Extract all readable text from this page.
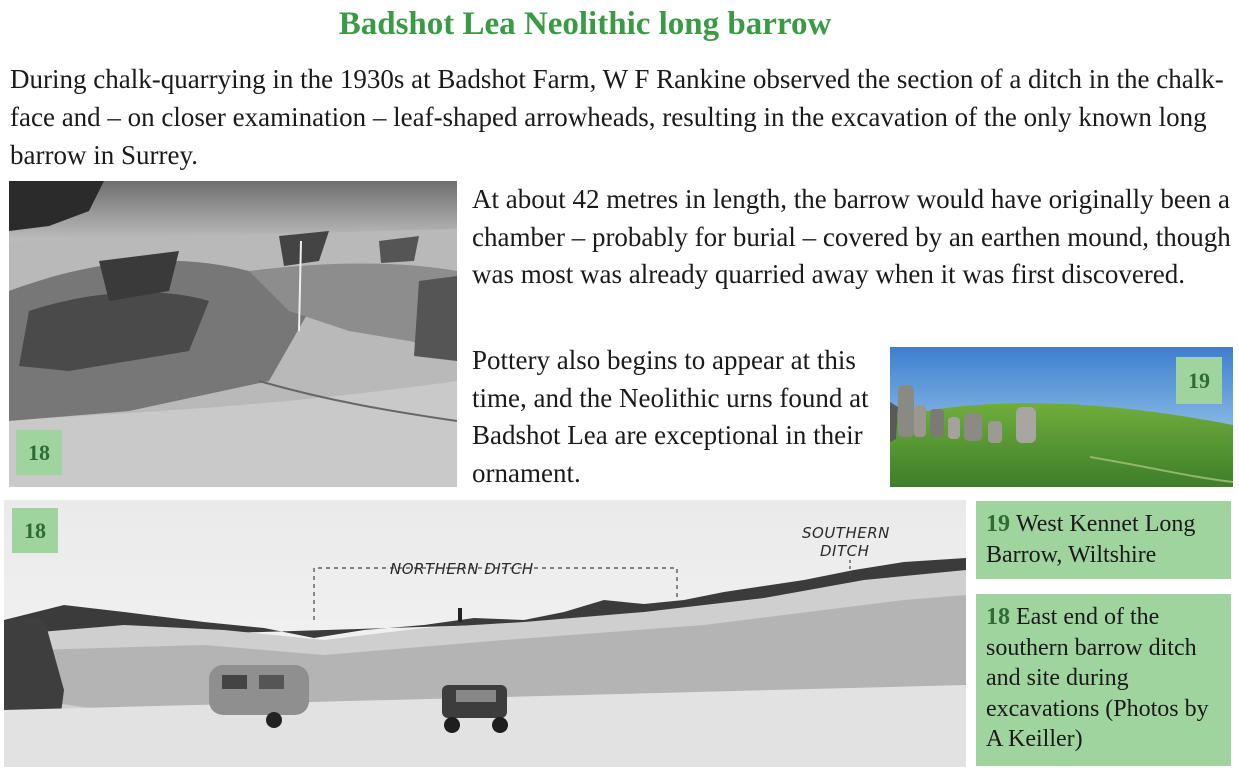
Badshot Lea Neolithic long barrow
During chalk-quarrying in the 1930s at Badshot Farm, W F Rankine observed the section of a ditch in the chalk-face and – on closer examination – leaf-shaped arrowheads, resulting in the excavation of the only known long barrow in Surrey.
18
At about 42 metres in length, the barrow would have originally been a chamber – probably for burial – covered by an earthen mound, though was most was already quarried away when it was first discovered.
Pottery also begins to appear at this time, and the Neolithic urns found at Badshot Lea are exceptional in their ornament.
19
NORTHERN DITCH
SOUTHERN
DITCH
18	19 West Kennet Long Barrow, Wiltshire
18 East end of the southern barrow ditch and site during excavations (Photos by A Keiller)
